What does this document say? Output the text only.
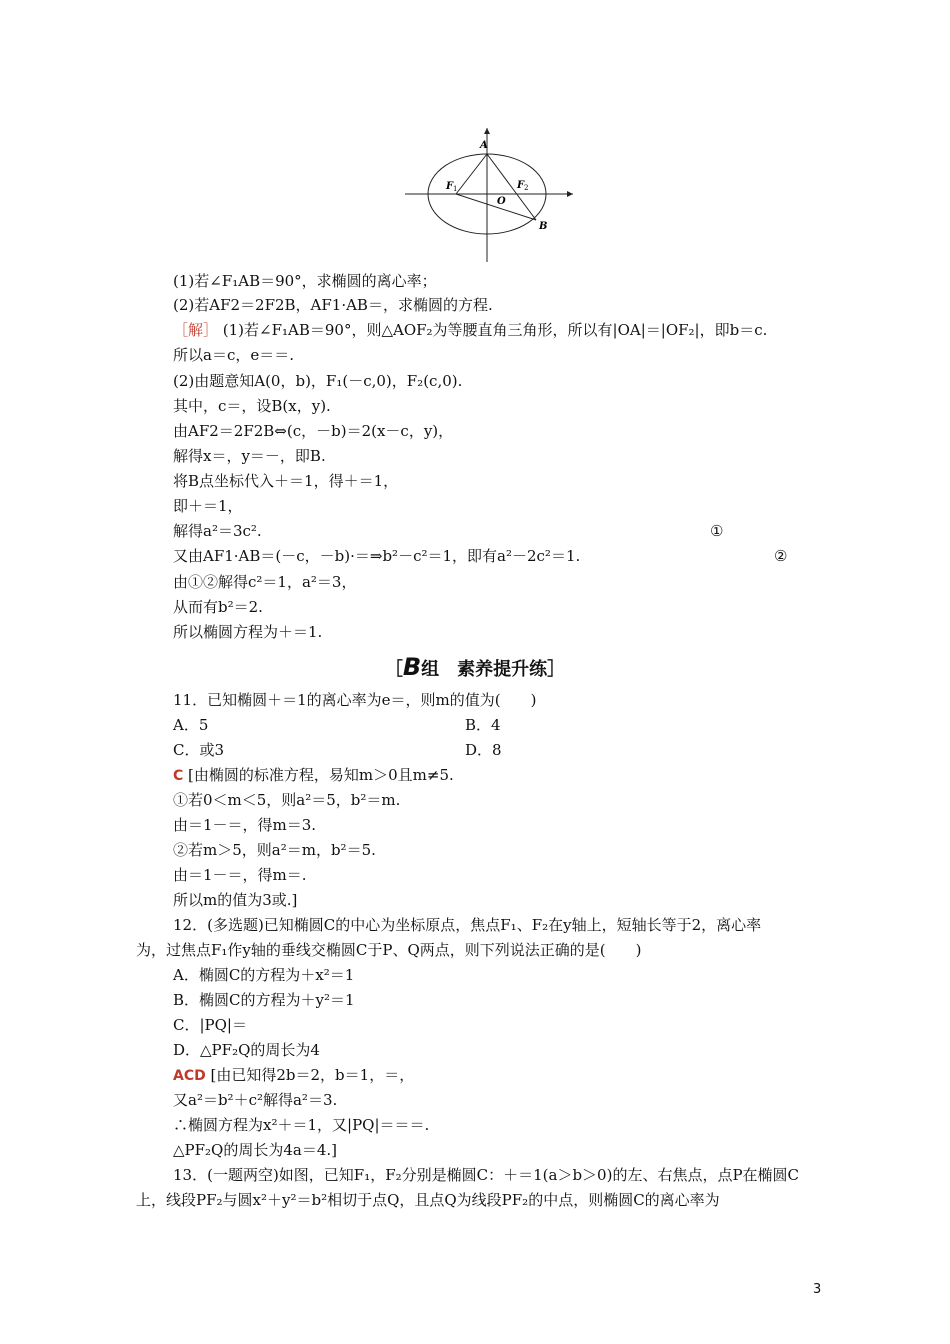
A
B
F 1	F 2
O
(1)若∠F₁AB＝90°，求椭圆的离心率；
(2)若AF2＝2F2B，AF1·AB＝，求椭圆的方程.
［解］ (1)若∠F₁AB＝90°，则△AOF₂为等腰直角三角形，所以有|OA|＝|OF₂|，即b＝c.
所以a＝c，e＝＝.
(2)由题意知A(0，b)，F₁(－c,0)，F₂(c,0).
其中，c＝，设B(x，y).
由AF2＝2F2B⇔(c，－b)＝2(x－c，y)，
解得x＝，y＝－，即B.
将B点坐标代入＋＝1，得＋＝1，
即＋＝1，
解得a²＝3c².
又由AF1·AB＝(－c，－b)·＝⇒b²－c²＝1，即有a²－2c²＝1.
由①②解得c²＝1，a²＝3，
从而有b²＝2.
所以椭圆方程为＋＝1.
11．已知椭圆＋＝1的离心率为e＝，则m的值为(　　)
A．5	B．4
C．或3	D．8
C [由椭圆的标准方程，易知m＞0且m≠5.
①若0＜m＜5，则a²＝5，b²＝m.
由＝1－＝，得m＝3.
②若m＞5，则a²＝m，b²＝5.
由＝1－＝，得m＝.
所以m的值为3或.]
12．(多选题)已知椭圆C的中心为坐标原点，焦点F₁、F₂在y轴上，短轴长等于2，离心率
为，过焦点F₁作y轴的垂线交椭圆C于P、Q两点，则下列说法正确的是(　　)
A．椭圆C的方程为＋x²＝1
B．椭圆C的方程为＋y²＝1
C．|PQ|＝
D．△PF₂Q的周长为4
ACD [由已知得2b＝2，b＝1，＝，
又a²＝b²＋c²解得a²＝3.
∴椭圆方程为x²＋＝1，又|PQ|＝＝＝.
△PF₂Q的周长为4a＝4.]
13．(一题两空)如图，已知F₁，F₂分别是椭圆C：＋＝1(a＞b＞0)的左、右焦点，点P在椭圆C
上，线段PF₂与圆x²＋y²＝b²相切于点Q，且点Q为线段PF₂的中点，则椭圆C的离心率为
①
②
［B组　素养提升练］
3
